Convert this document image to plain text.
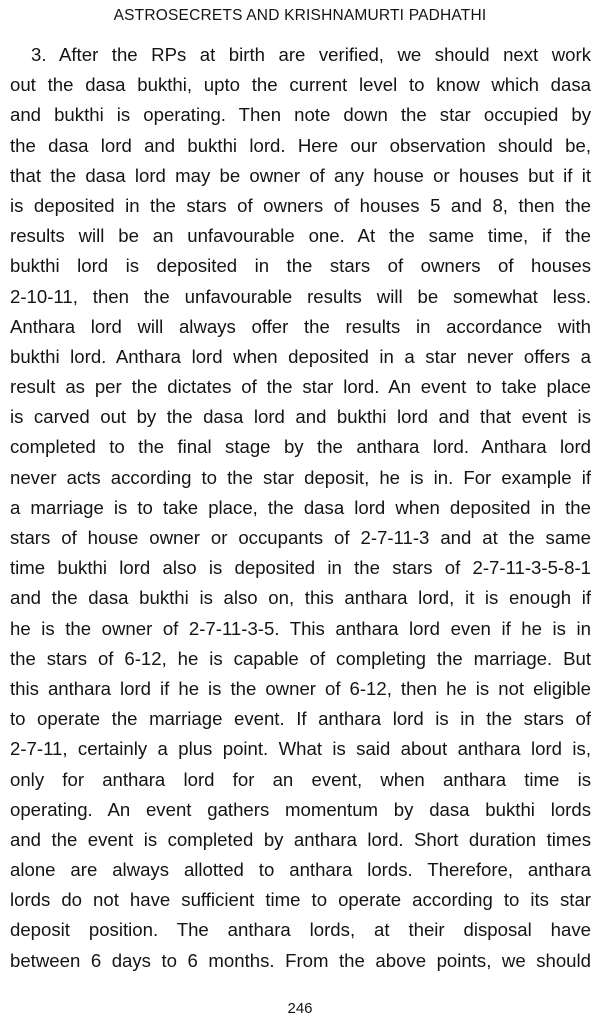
ASTROSECRETS AND KRISHNAMURTI PADHATHI
3. After the RPs at birth are verified, we should next work
out the dasa bukthi, upto the current level to know which dasa
and bukthi is operating. Then note down the star occupied by
the dasa lord and bukthi lord. Here our observation should be,
that the dasa lord may be owner of any house or houses but if it
is deposited in the stars of owners of houses 5 and 8, then the
results will be an unfavourable one. At the same time, if the
bukthi lord is deposited in the stars of owners of houses
2-10-11, then the unfavourable results will be somewhat less.
Anthara lord will always offer the results in accordance with
bukthi lord. Anthara lord when deposited in a star never offers a
result as per the dictates of the star lord. An event to take place
is carved out by the dasa lord and bukthi lord and that event is
completed to the final stage by the anthara lord. Anthara lord
never acts according to the star deposit, he is in. For example if
a marriage is to take place, the dasa lord when deposited in the
stars of house owner or occupants of 2-7-11-3 and at the same
time bukthi lord also is deposited in the stars of 2-7-11-3-5-8-1
and the dasa bukthi is also on, this anthara lord, it is enough if
he is the owner of 2-7-11-3-5. This anthara lord even if he is in
the stars of 6-12, he is capable of completing the marriage. But
this anthara lord if he is the owner of 6-12, then he is not eligible
to operate the marriage event. If anthara lord is in the stars of
2-7-11, certainly a plus point. What is said about anthara lord is,
only for anthara lord for an event, when anthara time is
operating. An event gathers momentum by dasa bukthi lords
and the event is completed by anthara lord. Short duration times
alone are always allotted to anthara lords. Therefore, anthara
lords do not have sufficient time to operate according to its star
deposit position. The anthara lords, at their disposal have
between 6 days to 6 months. From the above points, we should
246
